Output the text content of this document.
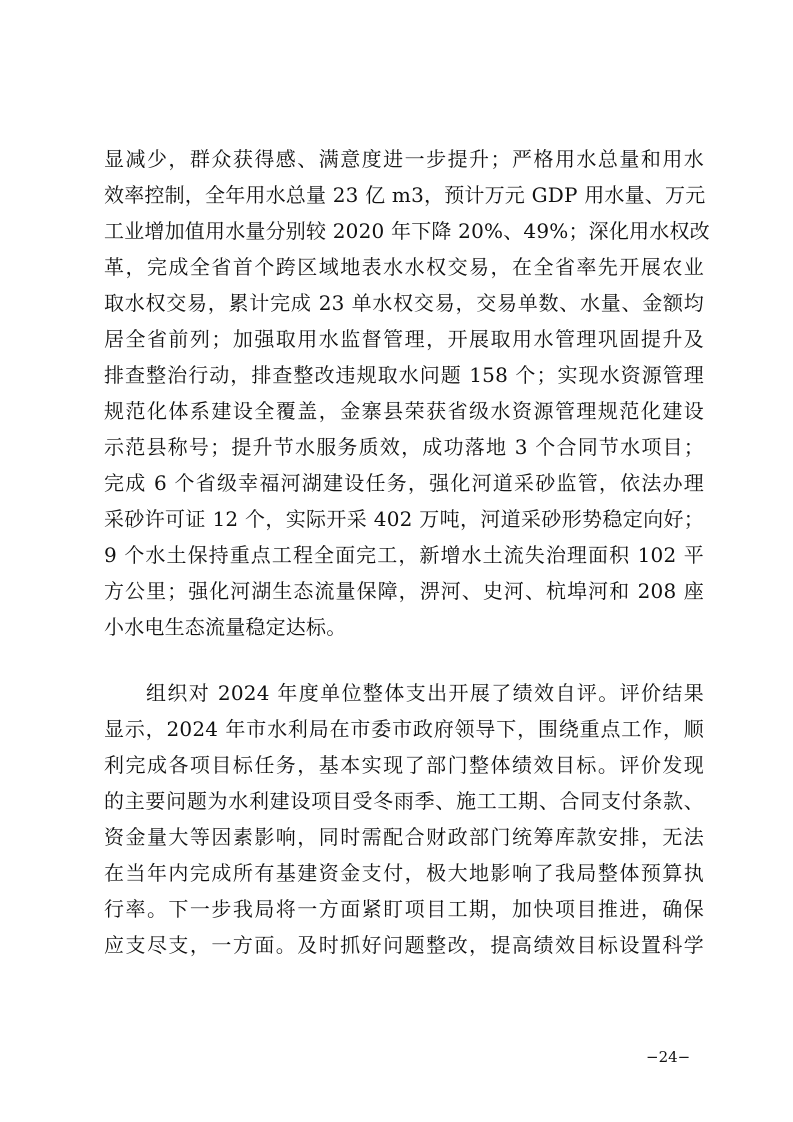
显减少，群众获得感、满意度进一步提升；严格用水总量和用水
效率控制，全年用水总量 23 亿 m3，预计万元 GDP 用水量、万元
工业增加值用水量分别较 2020 年下降 20%、49%；深化用水权改
革，完成全省首个跨区域地表水水权交易，在全省率先开展农业
取水权交易，累计完成 23 单水权交易，交易单数、水量、金额均
居全省前列；加强取用水监督管理，开展取用水管理巩固提升及
排查整治行动，排查整改违规取水问题 158 个；实现水资源管理
规范化体系建设全覆盖，金寨县荣获省级水资源管理规范化建设
示范县称号；提升节水服务质效，成功落地 3 个合同节水项目；
完成 6 个省级幸福河湖建设任务，强化河道采砂监管，依法办理
采砂许可证 12 个，实际开采 402 万吨，河道采砂形势稳定向好；
9 个水土保持重点工程全面完工，新增水土流失治理面积 102 平
方公里；强化河湖生态流量保障，淠河、史河、杭埠河和 208 座
小水电生态流量稳定达标。
组织对 2024 年度单位整体支出开展了绩效自评。评价结果
显示，2024 年市水利局在市委市政府领导下，围绕重点工作，顺
利完成各项目标任务，基本实现了部门整体绩效目标。评价发现
的主要问题为水利建设项目受冬雨季、施工工期、合同支付条款、
资金量大等因素影响，同时需配合财政部门统筹库款安排，无法
在当年内完成所有基建资金支付，极大地影响了我局整体预算执
行率。下一步我局将一方面紧盯项目工期，加快项目推进，确保
应支尽支，一方面。及时抓好问题整改，提高绩效目标设置科学
−24−
